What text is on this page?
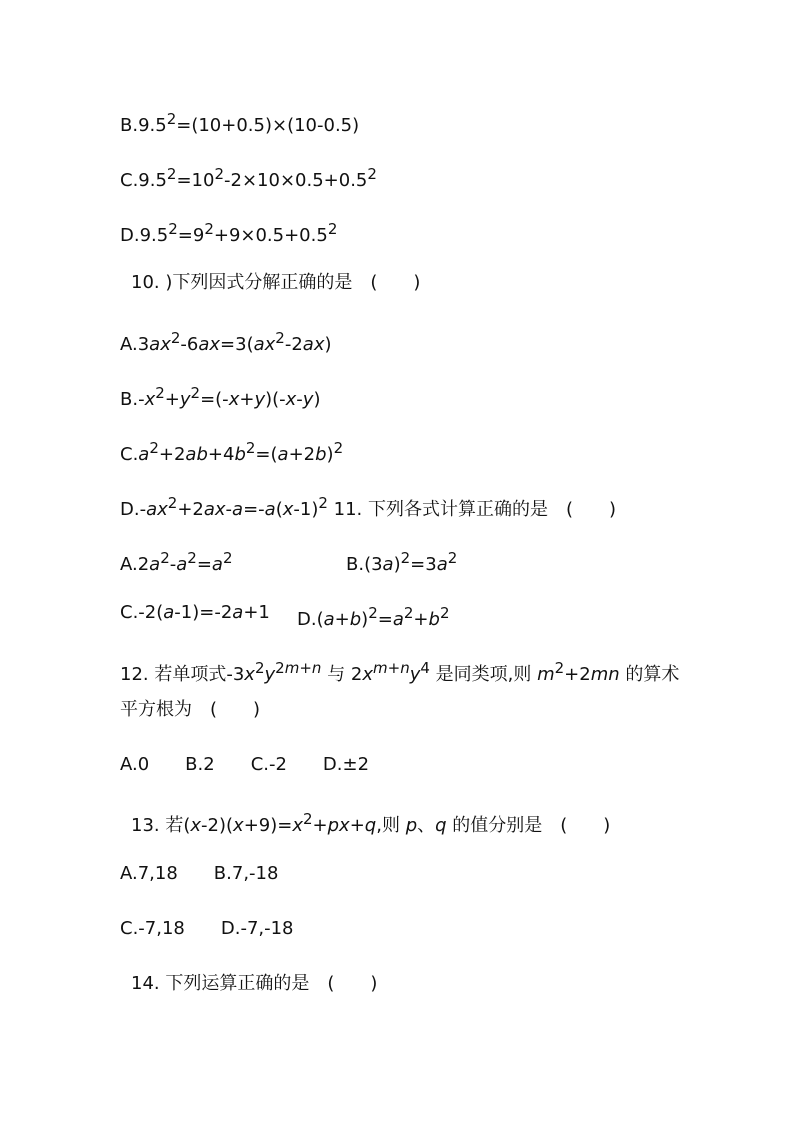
$B.9.5^2=(10+0.5)\times(10-0.5)$
$C.9.5^2=10^2-2\times 10\times 0.5+0.5^2$
$D.9.5^2=9^2+9\times 0.5+0.5^2$
10. )下列因式分解正确的是　(　　)
$A.3ax^2-6ax=3(ax^2-2ax)$
$B.-x^2+y^2=(-x+y)(-x-y)$
$C.a^2+2ab+4b^2=(a+2b)^2$
$D.-ax^2+2ax-a=-a(x-1)^2$ 11. 下列各式计算正确的是　(　　)
$A.2a^2-a^2=a^2$	$B.(3a)^2=3a^2$
C.-2(a-1)=-2a+1 $D.(a+b)^2=a^2+b^2$
12. 若单项式$-3x^2y^{2m+n}$ 与 $2x^{m+n}y^4$ 是同类项,则 $m^2+2mn$ 的算术
平方根为　(　　)
A.0　　B.2　　C.-2　　D.±2
13. 若$(x-2)(x+9)=x^2+px+q$,则 p、q 的值分别是　(　　)
A.7,18　　B.7,-18
C.-7,18　　D.-7,-18
14. 下列运算正确的是　(　　)
